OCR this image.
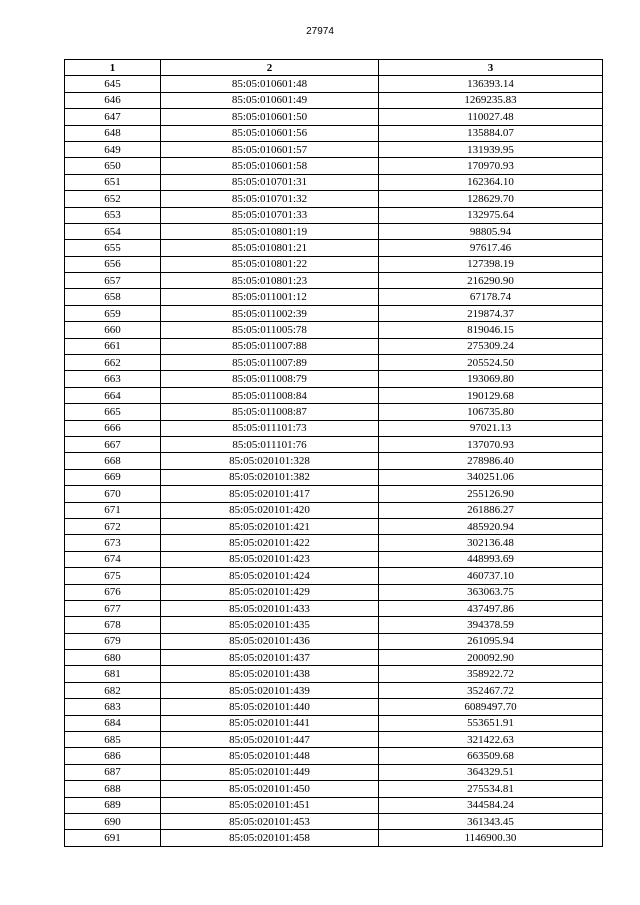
27974
1	2	3
645	85:05:010601:48	136393.14
646	85:05:010601:49	1269235.83
647	85:05:010601:50	110027.48
648	85:05:010601:56	135884.07
649	85:05:010601:57	131939.95
650	85:05:010601:58	170970.93
651	85:05:010701:31	162364.10
652	85:05:010701:32	128629.70
653	85:05:010701:33	132975.64
654	85:05:010801:19	98805.94
655	85:05:010801:21	97617.46
656	85:05:010801:22	127398.19
657	85:05:010801:23	216290.90
658	85:05:011001:12	67178.74
659	85:05:011002:39	219874.37
660	85:05:011005:78	819046.15
661	85:05:011007:88	275309.24
662	85:05:011007:89	205524.50
663	85:05:011008:79	193069.80
664	85:05:011008:84	190129.68
665	85:05:011008:87	106735.80
666	85:05:011101:73	97021.13
667	85:05:011101:76	137070.93
668	85:05:020101:328	278986.40
669	85:05:020101:382	340251.06
670	85:05:020101:417	255126.90
671	85:05:020101:420	261886.27
672	85:05:020101:421	485920.94
673	85:05:020101:422	302136.48
674	85:05:020101:423	448993.69
675	85:05:020101:424	460737.10
676	85:05:020101:429	363063.75
677	85:05:020101:433	437497.86
678	85:05:020101:435	394378.59
679	85:05:020101:436	261095.94
680	85:05:020101:437	200092.90
681	85:05:020101:438	358922.72
682	85:05:020101:439	352467.72
683	85:05:020101:440	6089497.70
684	85:05:020101:441	553651.91
685	85:05:020101:447	321422.63
686	85:05:020101:448	663509.68
687	85:05:020101:449	364329.51
688	85:05:020101:450	275534.81
689	85:05:020101:451	344584.24
690	85:05:020101:453	361343.45
691	85:05:020101:458	1146900.30
